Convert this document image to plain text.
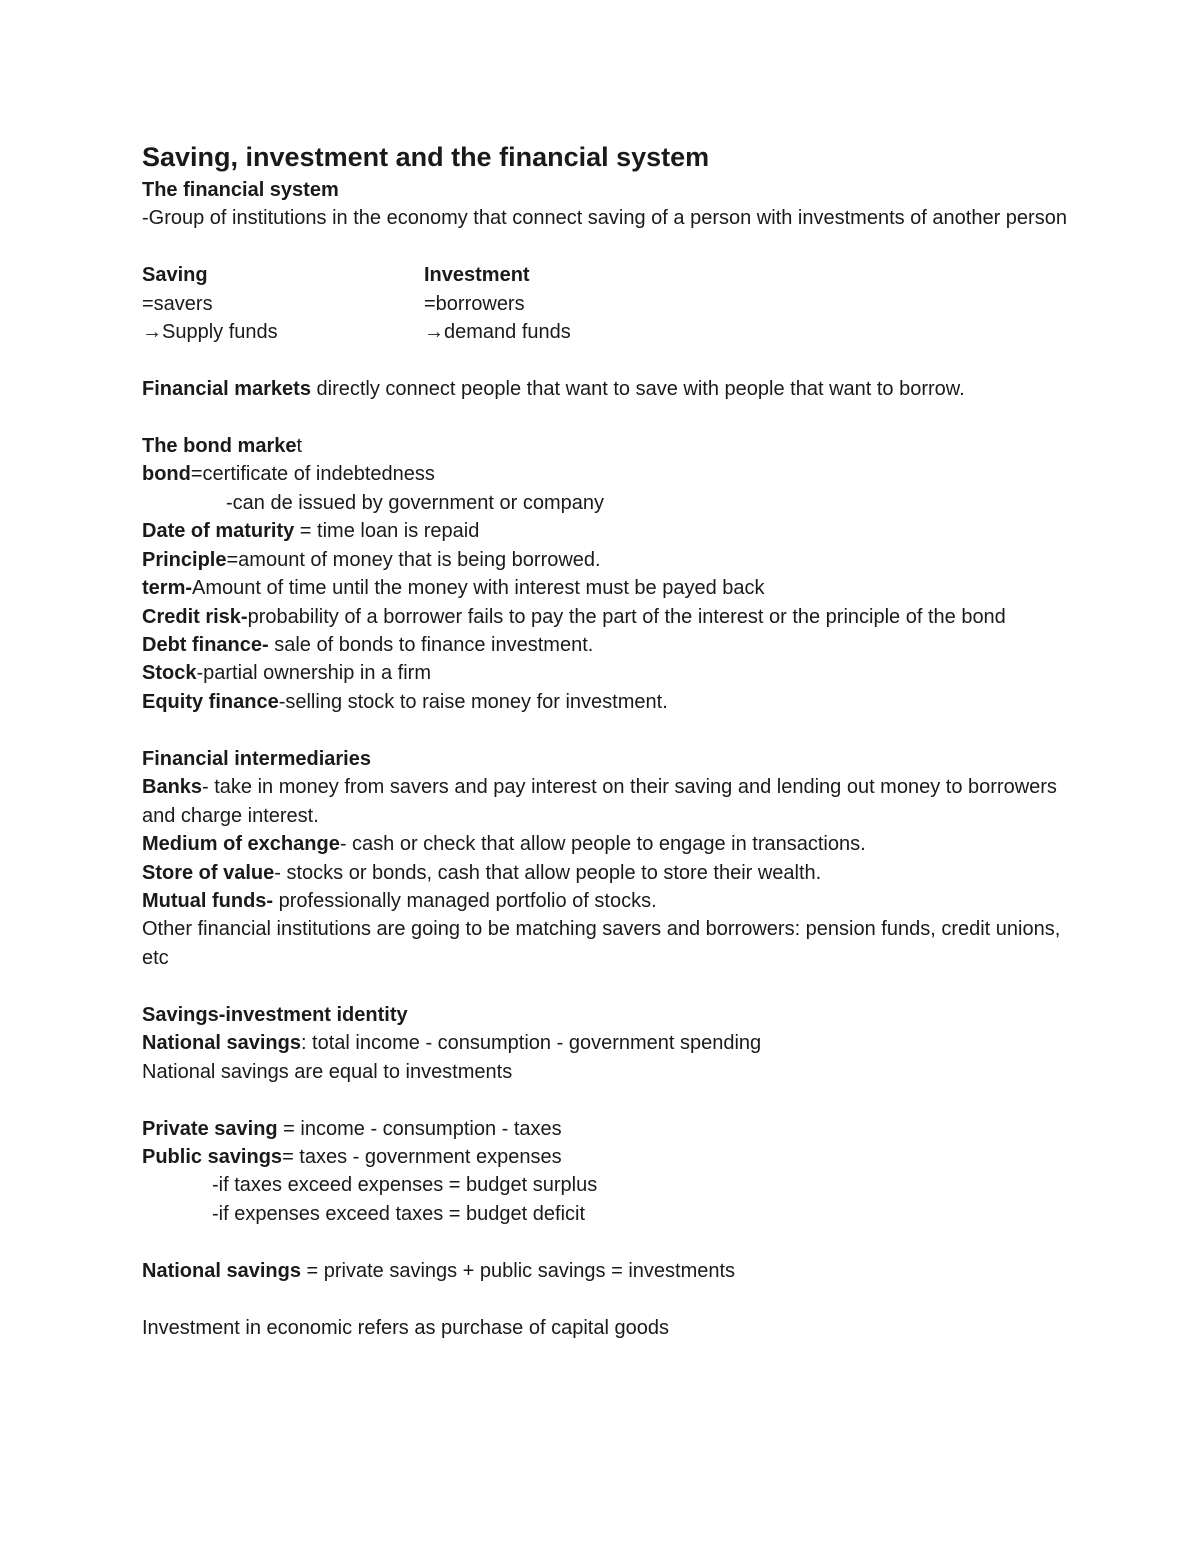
Saving, investment and the financial system
The financial system
-Group of institutions in the economy that connect saving of a person with investments of another person
Saving	Investment
=savers	=borrowers
→Supply funds	→demand funds
Financial markets directly connect people that want to save with people that want to borrow.
The bond market
bond=certificate of indebtedness
-can de issued by government or company
Date of maturity = time loan is repaid
Principle=amount of money that is being borrowed.
term-Amount of time until the money with interest must be payed back
Credit risk-probability of a borrower fails to pay the part of the interest or the principle of the bond
Debt finance- sale of bonds to finance investment.
Stock-partial ownership in a firm
Equity finance-selling stock to raise money for investment.
Financial intermediaries
Banks- take in money from savers and pay interest on their saving and lending out money to borrowers and charge interest.
Medium of exchange- cash or check that allow people to engage in transactions.
Store of value- stocks or bonds, cash that allow people to store their wealth.
Mutual funds- professionally managed portfolio of stocks.
Other financial institutions are going to be matching savers and borrowers: pension funds, credit unions, etc
Savings-investment identity
National savings: total income - consumption - government spending
National savings are equal to investments
Private saving = income - consumption - taxes
Public savings= taxes - government expenses
-if taxes exceed expenses = budget surplus
-if expenses exceed taxes = budget deficit
National savings = private savings + public savings = investments
Investment in economic refers as purchase of capital goods
